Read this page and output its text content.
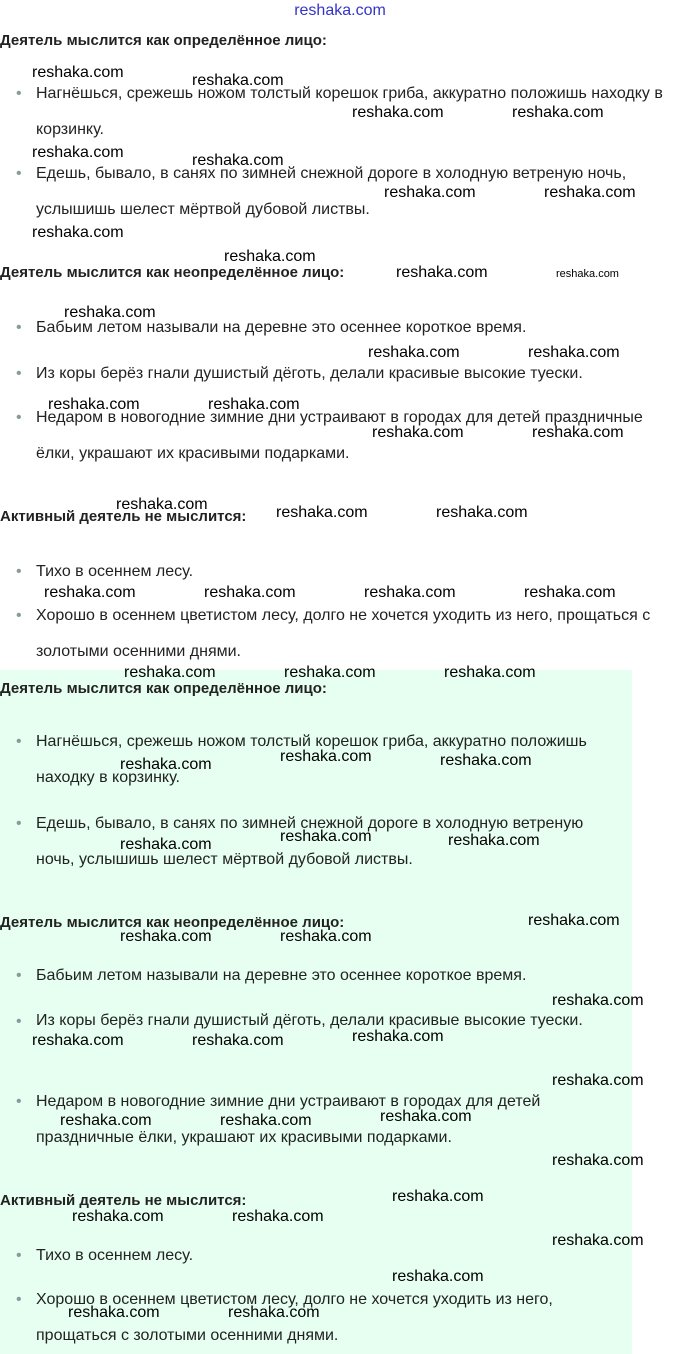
reshaka.com
Деятель мыслится как определённое лицо:
• Нагнёшься, срежешь ножом толстый корешок гриба, аккуратно положишь находку в корзинку.
• Едешь, бывало, в санях по зимней снежной дороге в холодную ветреную ночь, услышишь шелест мёртвой дубовой листвы.
Деятель мыслится как неопределённое лицо:
• Бабьим летом называли на деревне это осеннее короткое время.
• Из коры берёз гнали душистый дёготь, делали красивые высокие туески.
• Недаром в новогодние зимние дни устраивают в городах для детей праздничные ёлки, украшают их красивыми подарками.
Активный деятель не мыслится:
• Тихо в осеннем лесу.
• Хорошо в осеннем цветистом лесу, долго не хочется уходить из него, прощаться с золотыми осенними днями.
Деятель мыслится как определённое лицо:
• Нагнёшься, срежешь ножом толстый корешок гриба, аккуратно положишь находку в корзинку.
• Едешь, бывало, в санях по зимней снежной дороге в холодную ветреную ночь, услышишь шелест мёртвой дубовой листвы.
Деятель мыслится как неопределённое лицо:
• Бабьим летом называли на деревне это осеннее короткое время.
• Из коры берёз гнали душистый дёготь, делали красивые высокие туески.
• Недаром в новогодние зимние дни устраивают в городах для детей праздничные ёлки, украшают их красивыми подарками.
Активный деятель не мыслится:
• Тихо в осеннем лесу.
• Хорошо в осеннем цветистом лесу, долго не хочется уходить из него, прощаться с золотыми осенними днями.
reshaka.com	reshaka.com
reshaka.com	reshaka.com
reshaka.com	reshaka.com
reshaka.com	reshaka.com
reshaka.com
reshaka.com
reshaka.com	reshaka.com
reshaka.com
reshaka.com	reshaka.com
reshaka.com	reshaka.com
reshaka.com	reshaka.com
reshaka.com	reshaka.com	reshaka.com
reshaka.com	reshaka.com	reshaka.com	reshaka.com
reshaka.com	reshaka.com	reshaka.com
reshaka.com	reshaka.com	reshaka.com
reshaka.com	reshaka.com	reshaka.com
reshaka.com
reshaka.com	reshaka.com
reshaka.com
reshaka.com	reshaka.com	reshaka.com
reshaka.com
reshaka.com	reshaka.com	reshaka.com
reshaka.com
reshaka.com
reshaka.com	reshaka.com
reshaka.com
reshaka.com
reshaka.com	reshaka.com
